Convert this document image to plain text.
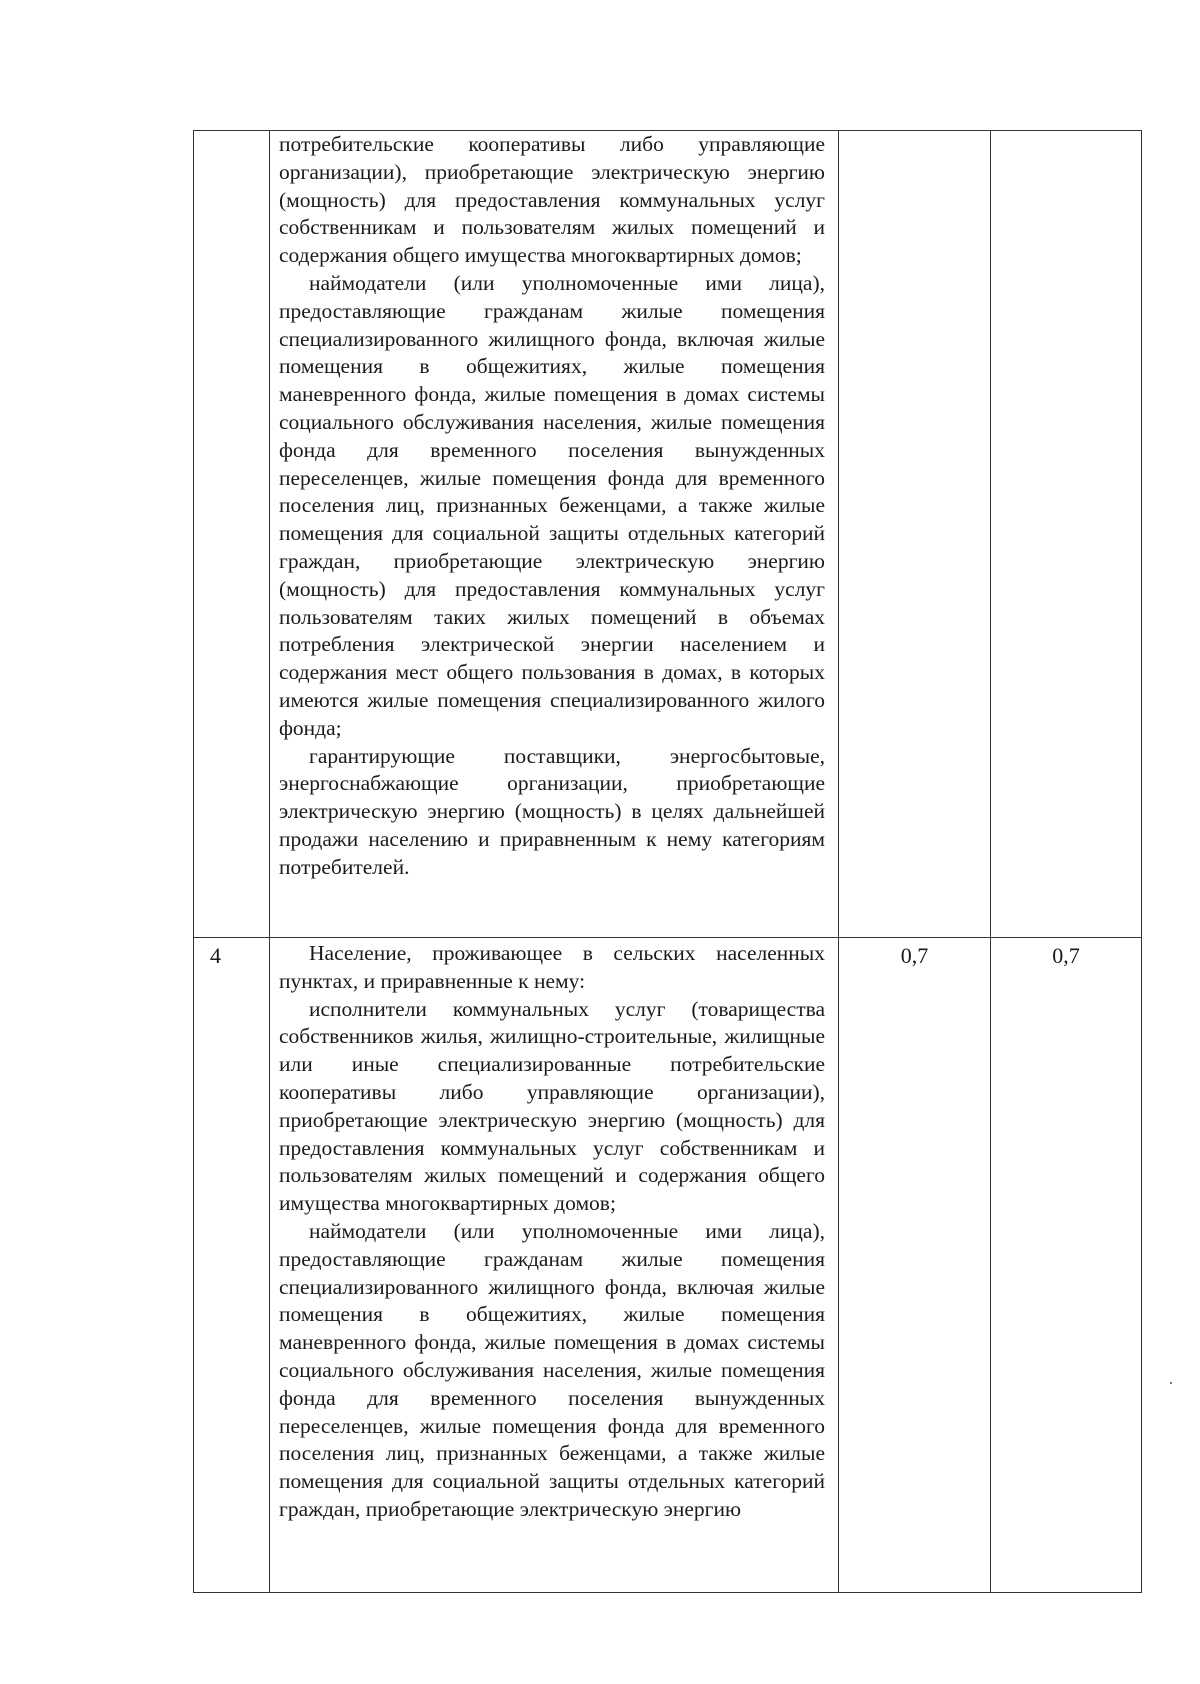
	потребительские кооперативы либо управляющие организации), приобретающие электрическую энергию (мощность) для предоставления коммунальных услуг собственникам и пользователям жилых помещений и содержания общего имущества многоквартирных домов;

наймодатели (или уполномоченные ими лица), предоставляющие гражданам жилые помещения специализированного жилищного фонда, включая жилые помещения в общежитиях, жилые помещения маневренного фонда, жилые помещения в домах системы социального обслуживания населения, жилые помещения фонда для временного поселения вынужденных переселенцев, жилые помещения фонда для временного поселения лиц, признанных беженцами, а также жилые помещения для социальной защиты отдельных категорий граждан, приобретающие электрическую энергию (мощность) для предоставления коммунальных услуг пользователям таких жилых помещений в объемах потребления электрической энергии населением и содержания мест общего пользования в домах, в которых имеются жилые помещения специализированного жилого фонда;

гарантирующие поставщики, энергосбытовые, энергоснабжающие организации, приобретающие электрическую энергию (мощность) в целях дальнейшей продажи населению и приравненным к нему категориям потребителей.		

4	Население, проживающее в сельских населенных пунктах, и приравненные к нему:

исполнители коммунальных услуг (товарищества собственников жилья, жилищно-строительные, жилищные или иные специализированные потребительские кооперативы либо управляющие организации), приобретающие электрическую энергию (мощность) для предоставления коммунальных услуг собственникам и пользователям жилых помещений и содержания общего имущества многоквартирных домов;

наймодатели (или уполномоченные ими лица), предоставляющие гражданам жилые помещения специализированного жилищного фонда, включая жилые помещения в общежитиях, жилые помещения маневренного фонда, жилые помещения в домах системы социального обслуживания населения, жилые помещения фонда для временного поселения вынужденных переселенцев, жилые помещения фонда для временного поселения лиц, признанных беженцами, а также жилые помещения для социальной защиты отдельных категорий граждан, приобретающие электрическую энергию	0,7	0,7
